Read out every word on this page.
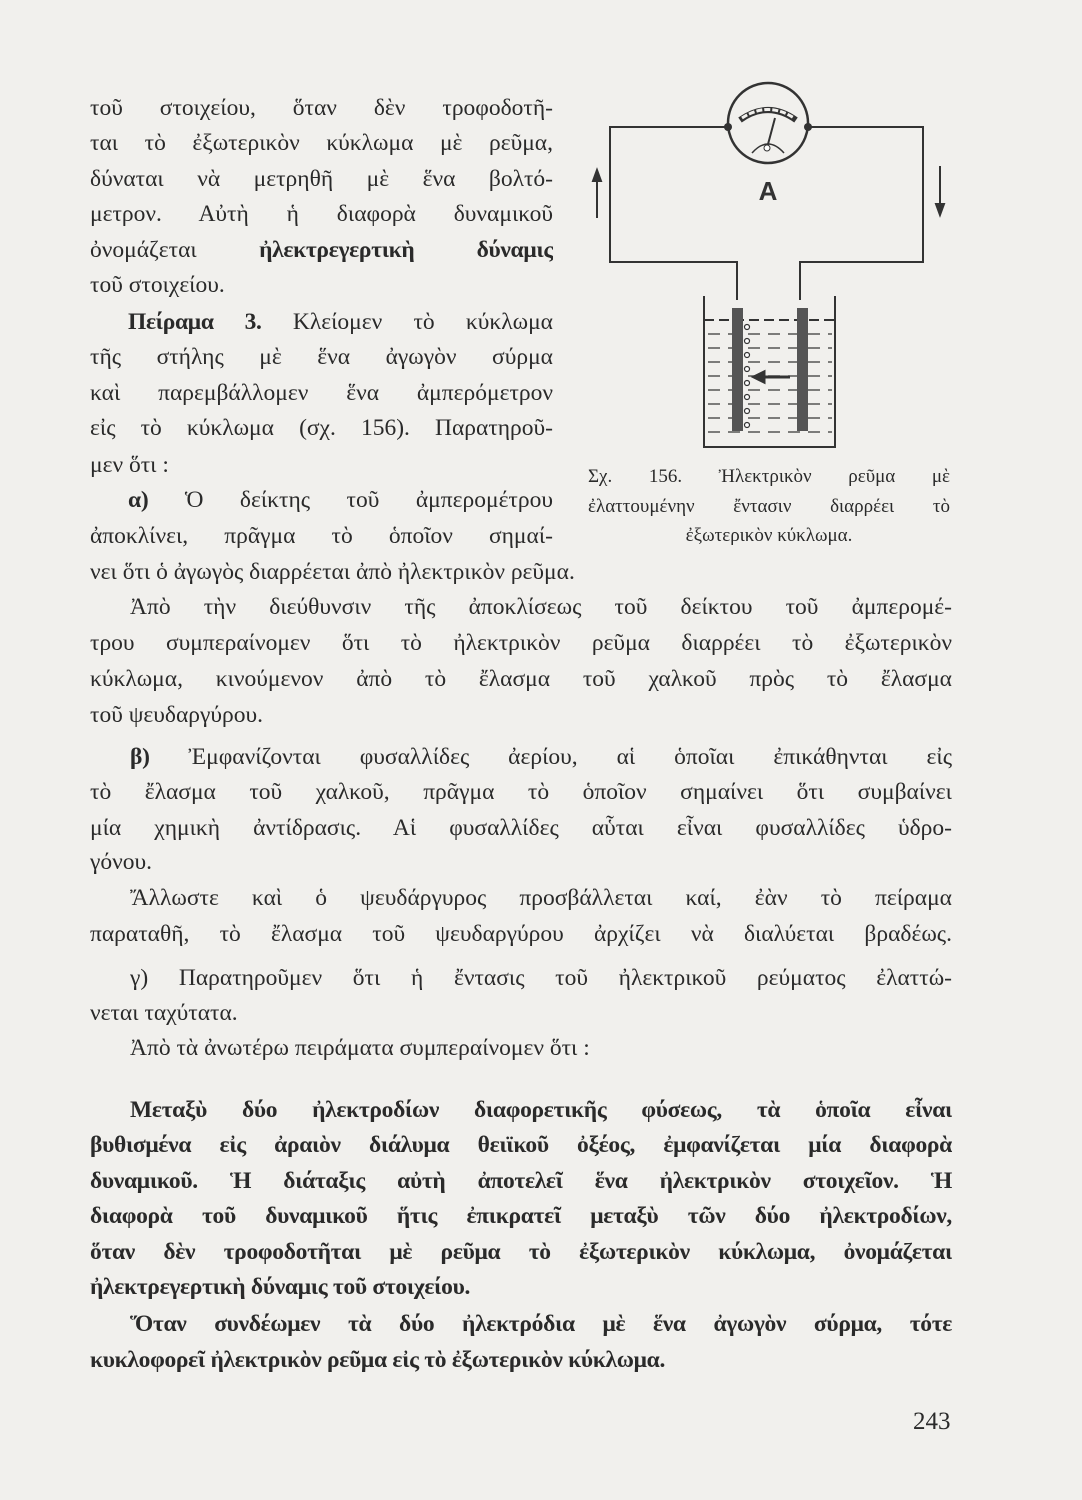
τοῦ στοιχείου, ὅταν δὲν τροφοδοτῆ-
ται τὸ ἐξωτερικὸν κύκλωμα μὲ ρεῦμα,
δύναται νὰ μετρηθῆ μὲ ἕνα βολτό-
μετρον. Αὐτὴ ἡ διαφορὰ δυναμικοῦ
ὀνομάζεται ἠλεκτρεγερτικὴ δύναμις
τοῦ στοιχείου.
Πείραμα 3. Κλείομεν τὸ κύκλωμα
τῆς στήλης μὲ ἕνα ἀγωγὸν σύρμα
καὶ παρεμβάλλομεν ἕνα ἀμπερόμετρον
εἰς τὸ κύκλωμα (σχ. 156). Παρατηροῦ-
μεν ὅτι :
α) Ὁ δείκτης τοῦ ἀμπερομέτρου
ἀποκλίνει, πρᾶγμα τὸ ὁποῖον σημαί-
νει ὅτι ὁ ἀγωγὸς διαρρέεται ἀπὸ ἠλεκτρικὸν ρεῦμα.
Ἀπὸ τὴν διεύθυνσιν τῆς ἀποκλίσεως τοῦ δείκτου τοῦ ἀμπερομέ-
τρου συμπεραίνομεν ὅτι τὸ ἠλεκτρικὸν ρεῦμα διαρρέει τὸ ἐξωτερικὸν
κύκλωμα, κινούμενον ἀπὸ τὸ ἔλασμα τοῦ χαλκοῦ πρὸς τὸ ἔλασμα
τοῦ ψευδαργύρου.
β) Ἐμφανίζονται φυσαλλίδες ἀερίου, αἱ ὁποῖαι ἐπικάθηνται εἰς
τὸ ἔλασμα τοῦ χαλκοῦ, πρᾶγμα τὸ ὁποῖον σημαίνει ὅτι συμβαίνει
μία χημικὴ ἀντίδρασις. Αἱ φυσαλλίδες αὗται εἶναι φυσαλλίδες ὑδρο-
γόνου.
Ἄλλωστε καὶ ὁ ψευδάργυρος προσβάλλεται καί, ἐὰν τὸ πείραμα
παραταθῆ, τὸ ἔλασμα τοῦ ψευδαργύρου ἀρχίζει νὰ διαλύεται βραδέως.
γ) Παρατηροῦμεν ὅτι ἡ ἔντασις τοῦ ἠλεκτρικοῦ ρεύματος ἐλαττώ-
νεται ταχύτατα.
Ἀπὸ τὰ ἀνωτέρω πειράματα συμπεραίνομεν ὅτι :
Μεταξὺ δύο ἠλεκτροδίων διαφορετικῆς φύσεως, τὰ ὁποῖα εἶναι
βυθισμένα εἰς ἀραιὸν διάλυμα θειϊκοῦ ὀξέος, ἐμφανίζεται μία διαφορὰ
δυναμικοῦ. Ἡ διάταξις αὐτὴ ἀποτελεῖ ἕνα ἠλεκτρικὸν στοιχεῖον. Ἡ
διαφορὰ τοῦ δυναμικοῦ ἥτις ἐπικρατεῖ μεταξὺ τῶν δύο ἠλεκτροδίων,
ὅταν δὲν τροφοδοτῆται μὲ ρεῦμα τὸ ἐξωτερικὸν κύκλωμα, ὀνομάζεται
ἠλεκτρεγερτικὴ δύναμις τοῦ στοιχείου.
Ὅταν συνδέωμεν τὰ δύο ἠλεκτρόδια μὲ ἕνα ἀγωγὸν σύρμα, τότε
κυκλοφορεῖ ἠλεκτρικὸν ρεῦμα εἰς τὸ ἐξωτερικὸν κύκλωμα.
A
Σχ. 156. Ἠλεκτρικὸν ρεῦμα μὲ
ἐλαττουμένην ἔντασιν διαρρέει τὸ
ἐξωτερικὸν κύκλωμα.
243
